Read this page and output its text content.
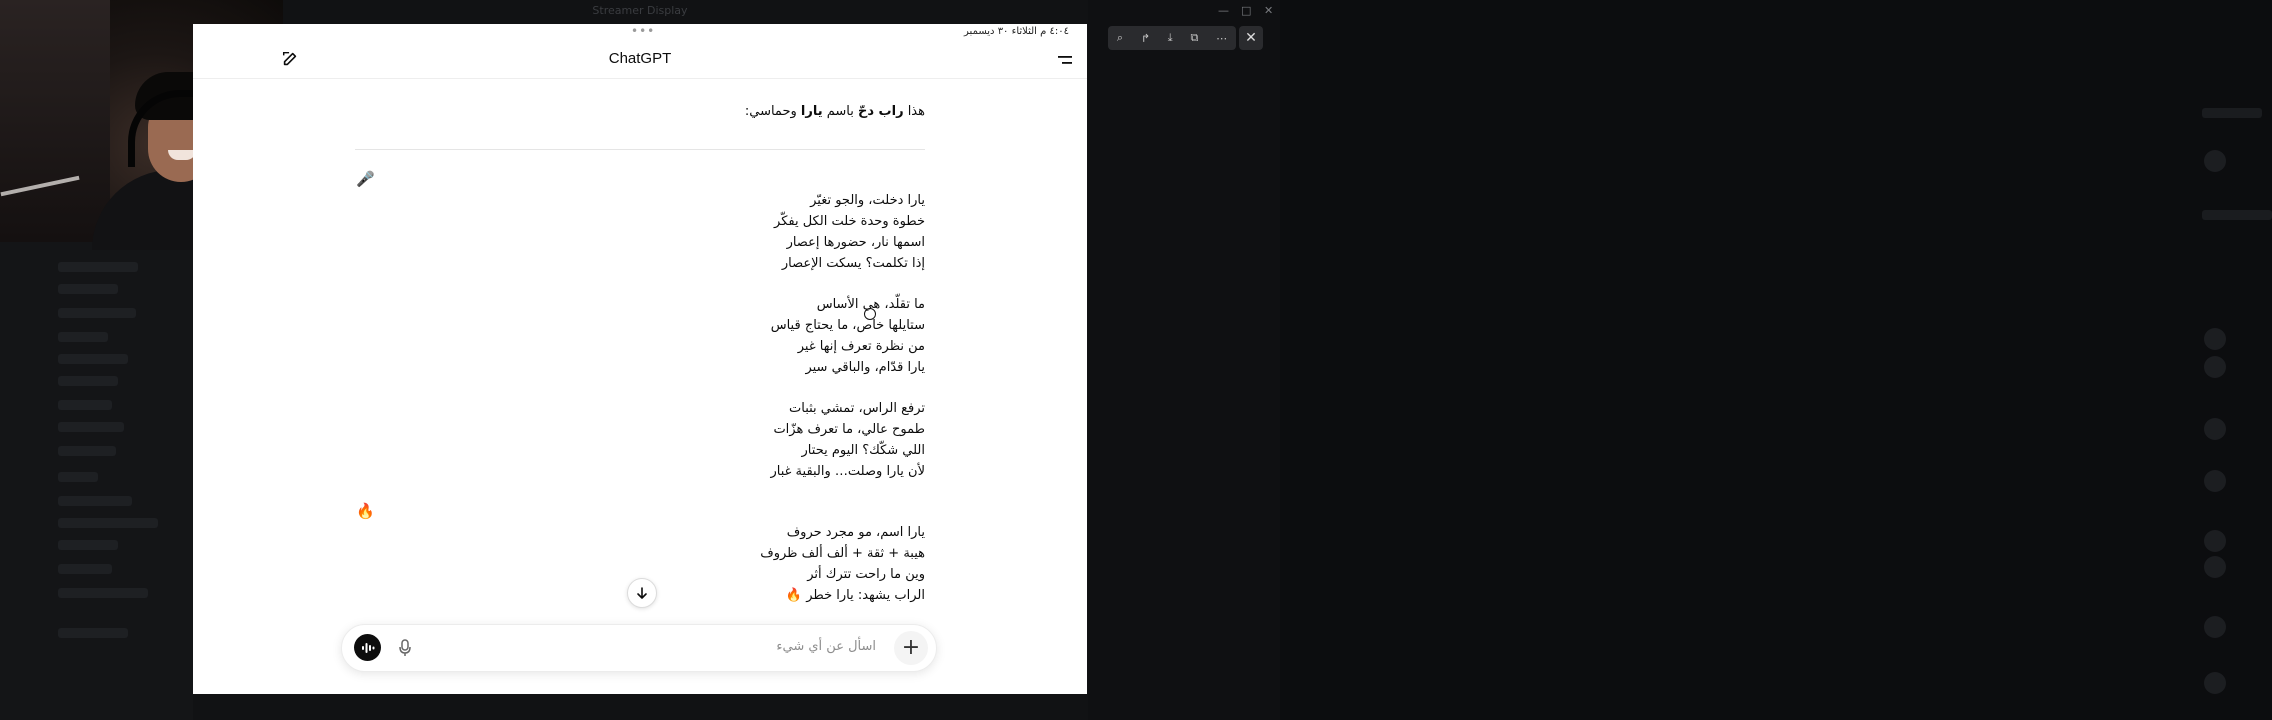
Streamer Display	— □ ✕
⌕ ↱ ⤓ ⧉ ⋯	✕
•••	٤:٠٤ م الثلاثاء ٣٠ ديسمبر
ChatGPT
هذا راب دحّ باسم يارا وحماسي:
🎤
يارا دخلت، والجو تغيّر
خطوة وحدة خلت الكل يفكّر
اسمها نار، حضورها إعصار
إذا تكلمت؟ يسكت الإعصار
ما تقلّد، هي الأساس
ستايلها خاص، ما يحتاج قياس
من نظرة تعرف إنها غير
يارا قدّام، والباقي سير
ترفع الراس، تمشي بثبات
طموح عالي، ما تعرف هزّات
اللي شكّك؟ اليوم يحتار
لأن يارا وصلت… والبقية غبار
🔥
يارا اسم، مو مجرد حروف
هيبة + ثقة + ألف ألف ظروف
وين ما راحت تترك أثر
الراب يشهد: يارا خطر 🔥
اسأل عن أي شيء	+
